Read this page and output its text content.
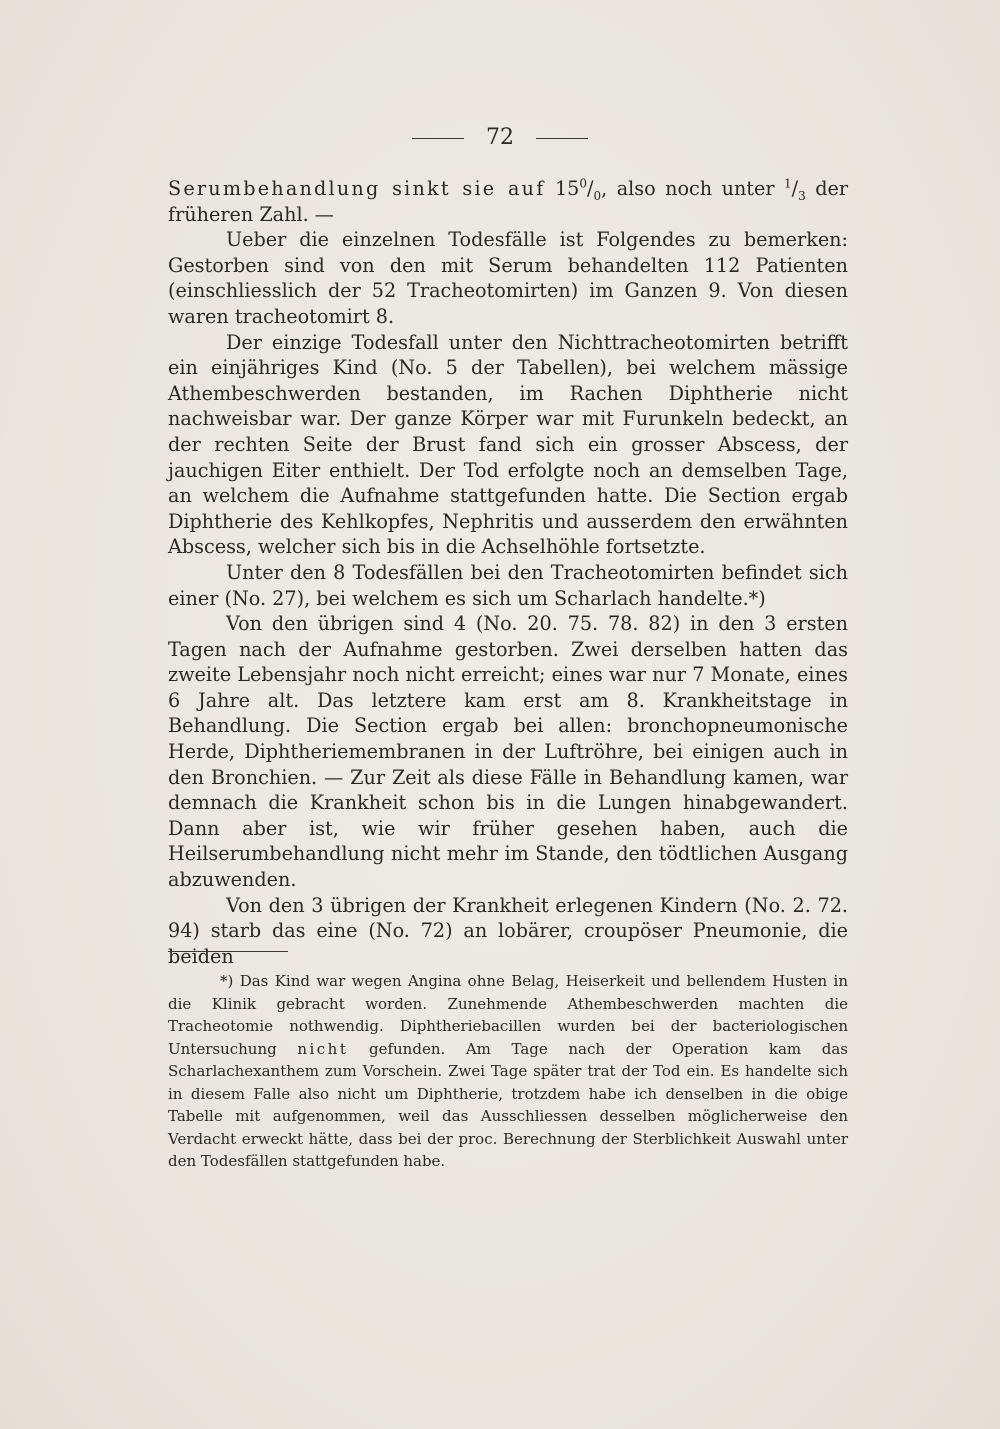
72

Serumbehandlung sinkt sie auf $15^0/_0$, also noch unter $^1/_3$ der früheren Zahl. —

Ueber die einzelnen Todesfälle ist Folgendes zu bemerken: Gestorben sind von den mit Serum behandelten 112 Patienten (einschliesslich der 52 Tracheotomirten) im Ganzen 9. Von diesen waren tracheotomirt 8.

Der einzige Todesfall unter den Nichttracheotomirten betrifft ein einjähriges Kind (No. 5 der Tabellen), bei welchem mässige Athembeschwerden bestanden, im Rachen Diphtherie nicht nachweisbar war. Der ganze Körper war mit Furunkeln bedeckt, an der rechten Seite der Brust fand sich ein grosser Abscess, der jauchigen Eiter enthielt. Der Tod erfolgte noch an demselben Tage, an welchem die Aufnahme stattgefunden hatte. Die Section ergab Diphtherie des Kehlkopfes, Nephritis und ausserdem den erwähnten Abscess, welcher sich bis in die Achselhöhle fortsetzte.

Unter den 8 Todesfällen bei den Tracheotomirten befindet sich einer (No. 27), bei welchem es sich um Scharlach handelte.*)

Von den übrigen sind 4 (No. 20. 75. 78. 82) in den 3 ersten Tagen nach der Aufnahme gestorben. Zwei derselben hatten das zweite Lebensjahr noch nicht erreicht; eines war nur 7 Monate, eines 6 Jahre alt. Das letztere kam erst am 8. Krankheitstage in Behandlung. Die Section ergab bei allen: bronchopneumonische Herde, Diphtheriemembranen in der Luftröhre, bei einigen auch in den Bronchien. — Zur Zeit als diese Fälle in Behandlung kamen, war demnach die Krankheit schon bis in die Lungen hinabgewandert. Dann aber ist, wie wir früher gesehen haben, auch die Heilserumbehandlung nicht mehr im Stande, den tödtlichen Ausgang abzuwenden.

Von den 3 übrigen der Krankheit erlegenen Kindern (No. 2. 72. 94) starb das eine (No. 72) an lobärer, croupöser Pneumonie, die beiden

*) Das Kind war wegen Angina ohne Belag, Heiserkeit und bellendem Husten in die Klinik gebracht worden. Zunehmende Athembeschwerden machten die Tracheotomie nothwendig. Diphtheriebacillen wurden bei der bacteriologischen Untersuchung nicht gefunden. Am Tage nach der Operation kam das Scharlachexanthem zum Vorschein. Zwei Tage später trat der Tod ein. Es handelte sich in diesem Falle also nicht um Diphtherie, trotzdem habe ich denselben in die obige Tabelle mit aufgenommen, weil das Ausschliessen desselben möglicherweise den Verdacht erweckt hätte, dass bei der proc. Berechnung der Sterblichkeit Auswahl unter den Todesfällen stattgefunden habe.
